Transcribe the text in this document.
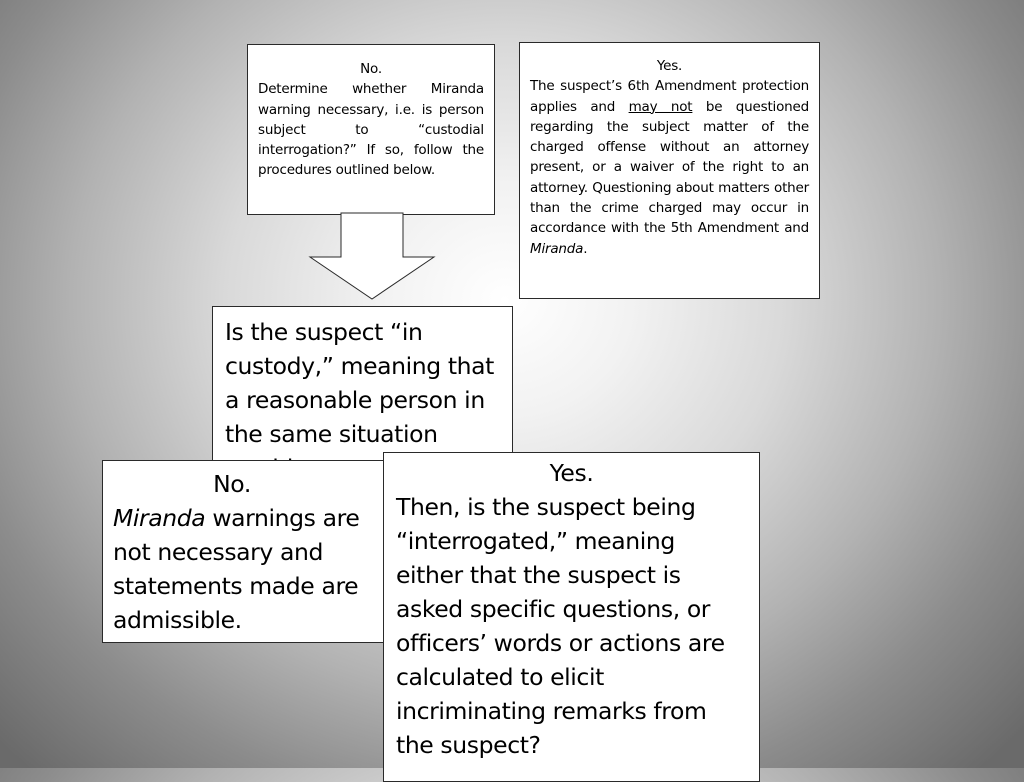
No.
Determine whether Miranda warning necessary, i.e. is person subject to “custodial interrogation?” If so, follow the procedures outlined below.
Yes.
The suspect’s 6th Amendment protection applies and may not be questioned regarding the subject matter of the charged offense without an attorney present, or a waiver of the right to an attorney. Questioning about matters other than the crime charged may occur in accordance with the 5th Amendment and Miranda.
Is the suspect “in custody,” meaning that a reasonable person in the same situation
No.
Miranda warnings are not necessary and statements made are admissible.
Yes.
Then, is the suspect being “interrogated,” meaning either that the suspect is asked specific questions, or officers’ words or actions are calculated to elicit incriminating remarks from the suspect?
